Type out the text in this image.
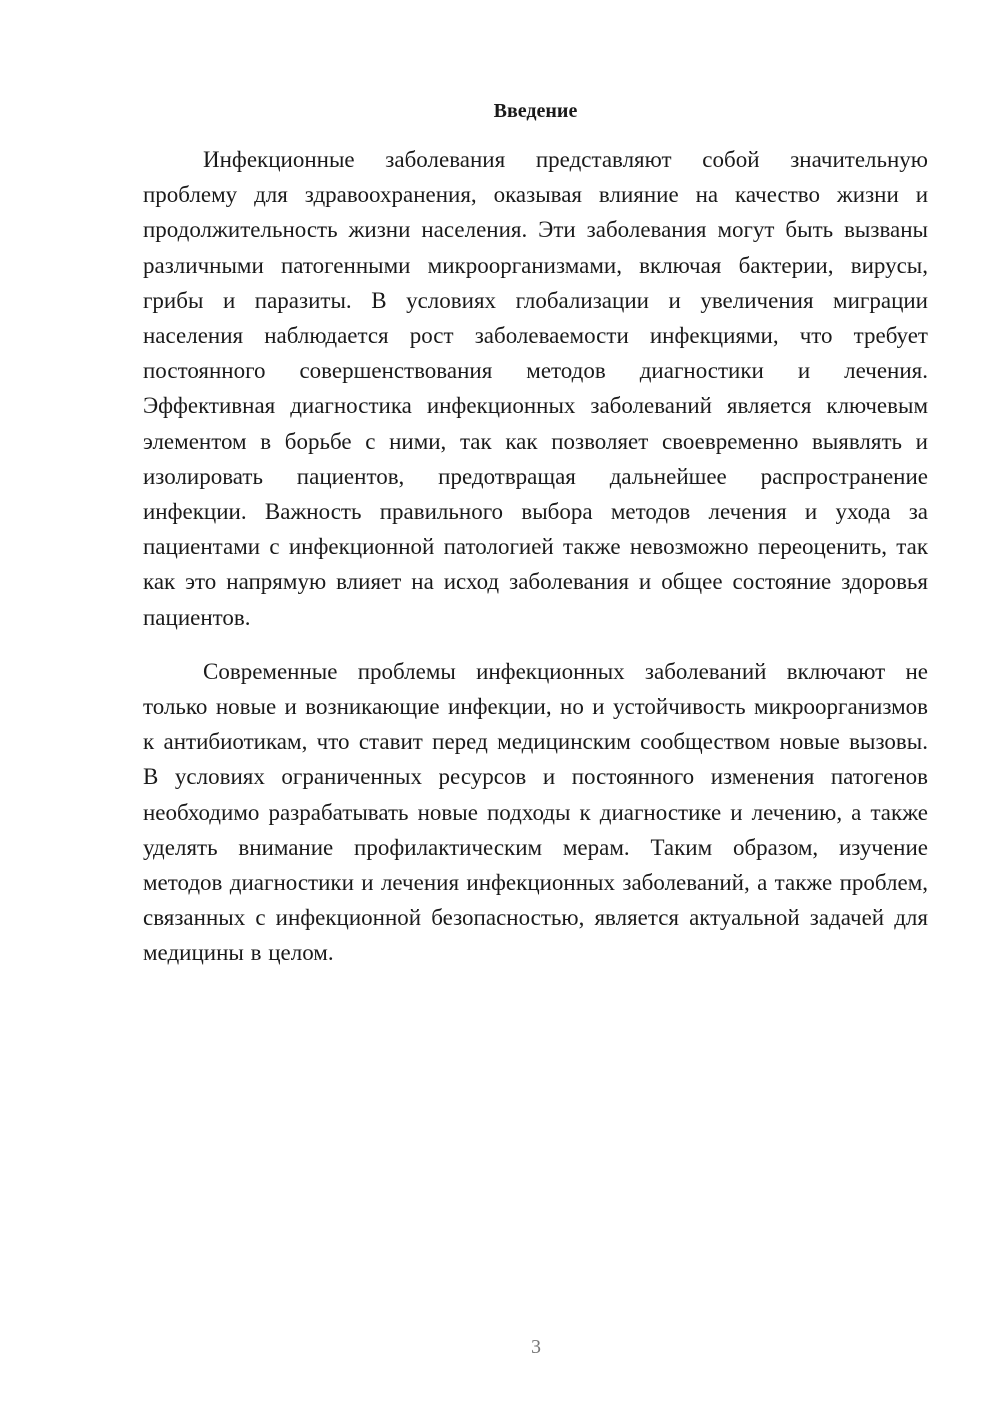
Введение

Инфекционные заболевания представляют собой значительную проблему для здравоохранения, оказывая влияние на качество жизни и продолжительность жизни населения. Эти заболевания могут быть вызваны различными патогенными микроорганизмами, включая бактерии, вирусы, грибы и паразиты. В условиях глобализации и увеличения миграции населения наблюдается рост заболеваемости инфекциями, что требует постоянного совершенствования методов диагностики и лечения. Эффективная диагностика инфекционных заболеваний является ключевым элементом в борьбе с ними, так как позволяет своевременно выявлять и изолировать пациентов, предотвращая дальнейшее распространение инфекции. Важность правильного выбора методов лечения и ухода за пациентами с инфекционной патологией также невозможно переоценить, так как это напрямую влияет на исход заболевания и общее состояние здоровья пациентов.

Современные проблемы инфекционных заболеваний включают не только новые и возникающие инфекции, но и устойчивость микроорганизмов к антибиотикам, что ставит перед медицинским сообществом новые вызовы. В условиях ограниченных ресурсов и постоянного изменения патогенов необходимо разрабатывать новые подходы к диагностике и лечению, а также уделять внимание профилактическим мерам. Таким образом, изучение методов диагностики и лечения инфекционных заболеваний, а также проблем, связанных с инфекционной безопасностью, является актуальной задачей для медицины в целом.

3
